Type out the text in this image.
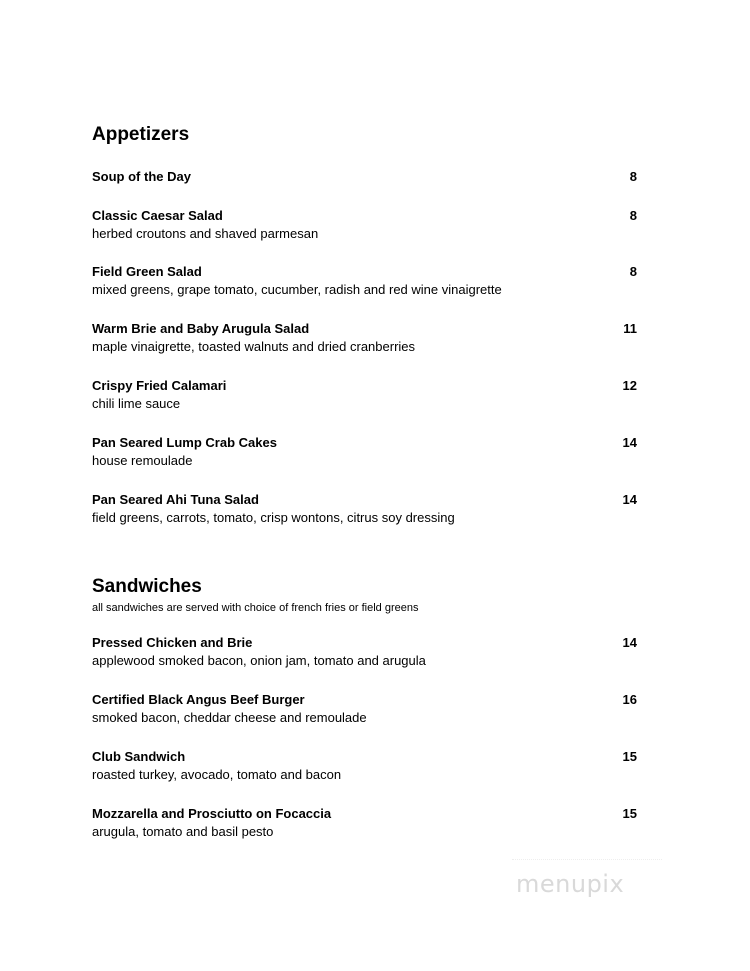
Appetizers
Soup of the Day	8
Classic Caesar Salad
herbed croutons and shaved parmesan
8
Field Green Salad
mixed greens, grape tomato, cucumber, radish and red wine vinaigrette
8
Warm Brie and Baby Arugula Salad
maple vinaigrette, toasted walnuts and dried cranberries
11
Crispy Fried Calamari
chili lime sauce
12
Pan Seared Lump Crab Cakes
house remoulade
14
Pan Seared Ahi Tuna Salad
field greens, carrots, tomato, crisp wontons, citrus soy dressing
14
Sandwiches
all sandwiches are served with choice of french fries or field greens
Pressed Chicken and Brie
applewood smoked bacon, onion jam, tomato and arugula
14
Certified Black Angus Beef Burger
smoked bacon, cheddar cheese and remoulade
16
Club Sandwich
roasted turkey, avocado, tomato and bacon
15
Mozzarella and Prosciutto on Focaccia
arugula, tomato and basil pesto
15
menupix
